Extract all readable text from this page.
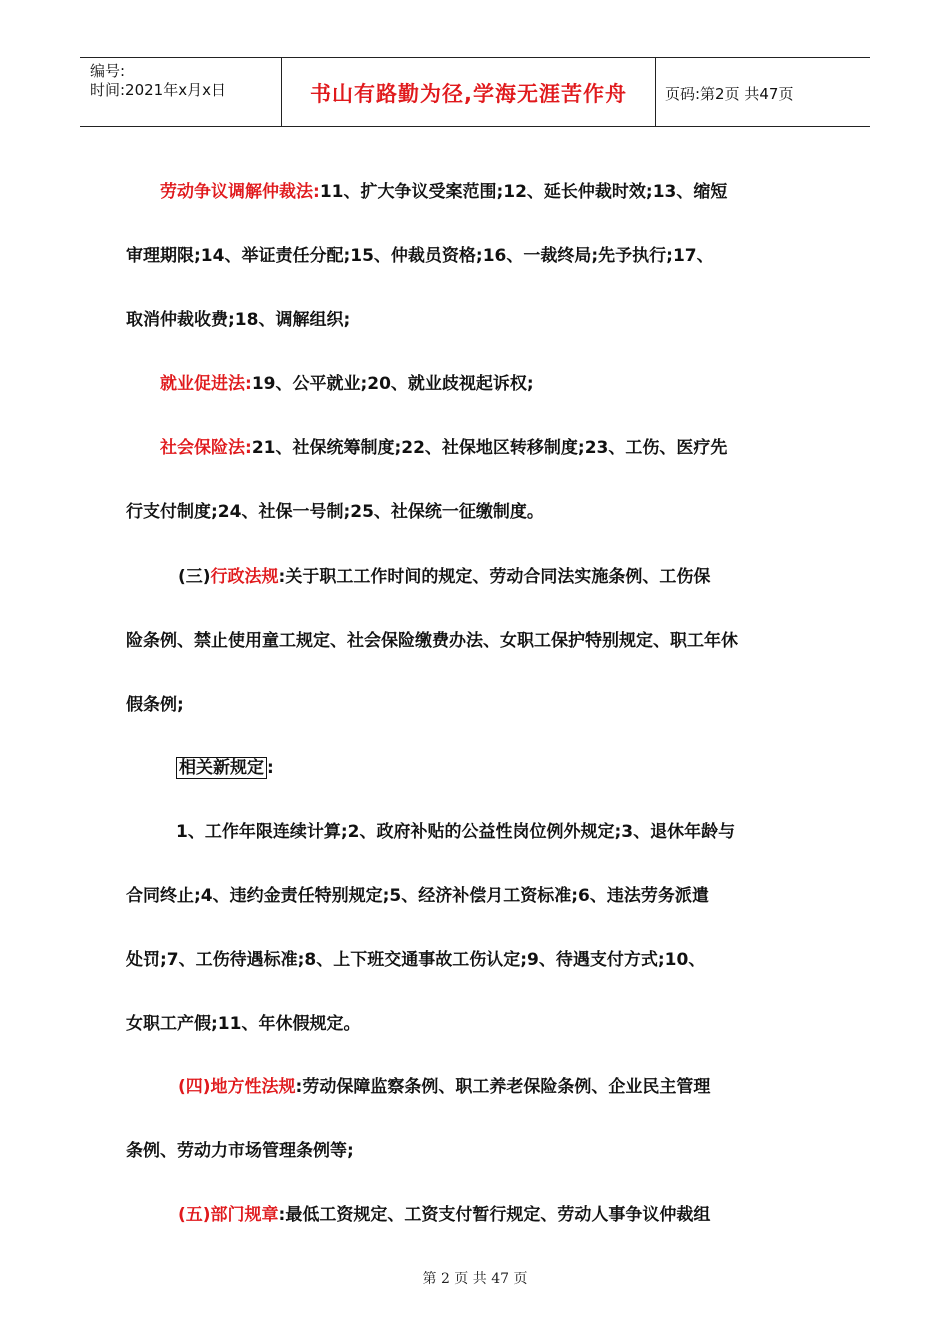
编号:
时间:2021年x月x日	书山有路勤为径,学海无涯苦作舟	页码:第2页 共47页
劳动争议调解仲裁法:11、扩大争议受案范围;12、延长仲裁时效;13、缩短
审理期限;14、举证责任分配;15、仲裁员资格;16、一裁终局;先予执行;17、
取消仲裁收费;18、调解组织;
就业促进法:19、公平就业;20、就业歧视起诉权;
社会保险法:21、社保统筹制度;22、社保地区转移制度;23、工伤、医疗先
行支付制度;24、社保一号制;25、社保统一征缴制度。
(三)行政法规:关于职工工作时间的规定、劳动合同法实施条例、工伤保
险条例、禁止使用童工规定、社会保险缴费办法、女职工保护特别规定、职工年休
假条例;
相关新规定 :
1、工作年限连续计算;2、政府补贴的公益性岗位例外规定;3、退休年龄与
合同终止;4、违约金责任特别规定;5、经济补偿月工资标准;6、违法劳务派遣
处罚;7、工伤待遇标准;8、上下班交通事故工伤认定;9、待遇支付方式;10、
女职工产假;11、年休假规定。
(四)地方性法规:劳动保障监察条例、职工养老保险条例、企业民主管理
条例、劳动力市场管理条例等;
(五)部门规章:最低工资规定、工资支付暂行规定、劳动人事争议仲裁组
第 2 页 共 47 页
